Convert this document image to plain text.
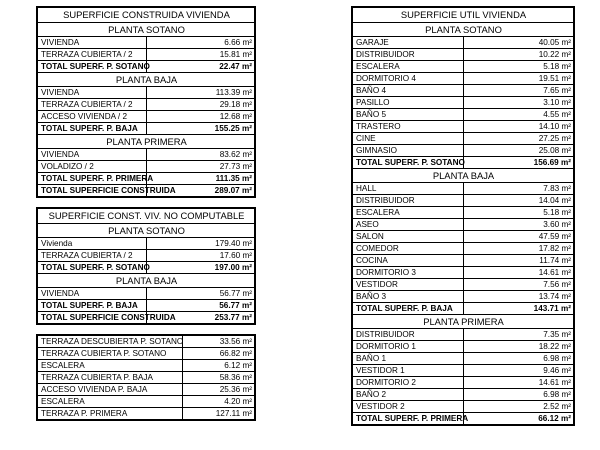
SUPERFICIE CONSTRUIDA VIVIENDA	
PLANTA SOTANO	
VIVIENDA	6.66 m²
TERRAZA CUBIERTA / 2	15.81 m²
TOTAL SUPERF. P. SOTANO	22.47 m²
PLANTA BAJA	
VIVIENDA	113.39 m²
TERRAZA CUBIERTA / 2	29.18 m²
ACCESO VIVIENDA / 2	12.68 m²
TOTAL SUPERF. P. BAJA	155.25 m²
PLANTA PRIMERA	
VIVIENDA	83.62 m²
VOLADIZO / 2	27.73 m²
TOTAL SUPERF. P. PRIMERA	111.35 m²
TOTAL SUPERFICIE CONSTRUIDA	289.07 m²
SUPERFICIE CONST. VIV. NO COMPUTABLE	
PLANTA SOTANO	
Vivienda	179.40 m²
TERRAZA CUBIERTA / 2	17.60 m²
TOTAL SUPERF. P. SOTANO	197.00 m²
PLANTA BAJA	
VIVIENDA	56.77 m²
TOTAL SUPERF. P. BAJA	56.77 m²
TOTAL SUPERFICIE CONSTRUIDA	253.77 m²
TERRAZA DESCUBIERTA P. SOTANO	33.56 m²
TERRAZA CUBIERTA P. SOTANO	66.82 m²
ESCALERA	6.12 m²
TERRAZA CUBIERTA P. BAJA	58.36 m²
ACCESO VIVIENDA P. BAJA	25.36 m²
ESCALERA	4.20 m²
TERRAZA P. PRIMERA	127.11 m²
SUPERFICIE UTIL VIVIENDA	
PLANTA SOTANO	
GARAJE	40.05 m²
DISTRIBUIDOR	10.22 m²
ESCALERA	5.18 m²
DORMITORIO 4	19.51 m²
BAÑO 4	7.65 m²
PASILLO	3.10 m²
BAÑO 5	4.55 m²
TRASTERO	14.10 m²
CINE	27.25 m²
GIMNASIO	25.08 m²
TOTAL SUPERF. P. SOTANO	156.69 m²
PLANTA BAJA	
HALL	7.83 m²
DISTRIBUIDOR	14.04 m²
ESCALERA	5.18 m²
ASEO	3.60 m²
SALON	47.59 m²
COMEDOR	17.82 m²
COCINA	11.74 m²
DORMITORIO 3	14.61 m²
VESTIDOR	7.56 m²
BAÑO 3	13.74 m²
TOTAL SUPERF. P. BAJA	143.71 m²
PLANTA PRIMERA	
DISTRIBUIDOR	7.35 m²
DORMITORIO 1	18.22 m²
BAÑO 1	6.98 m²
VESTIDOR 1	9.46 m²
DORMITORIO 2	14.61 m²
BAÑO 2	6.98 m²
VESTIDOR 2	2.52 m²
TOTAL SUPERF. P. PRIMERA	66.12 m²
